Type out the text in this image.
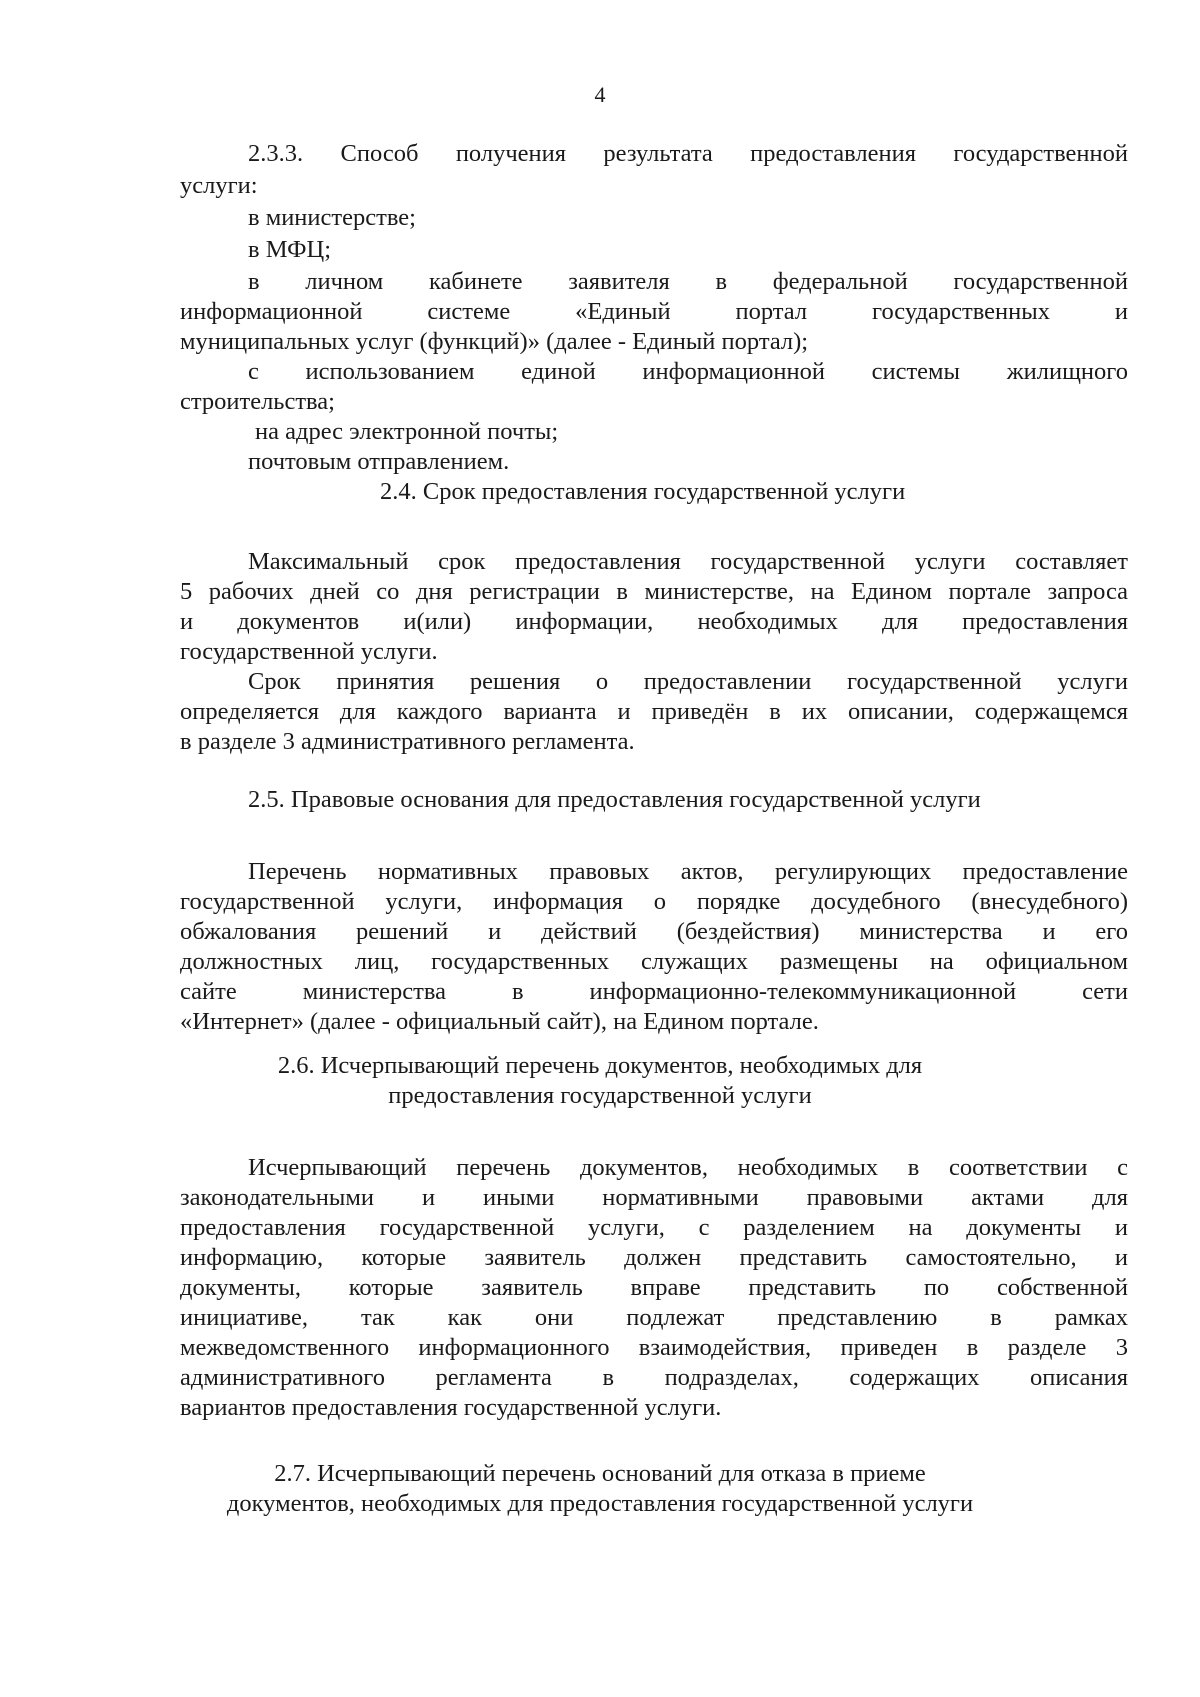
4
2.3.3. Способ получения результата предоставления государственной
услуги:
в министерстве;
в МФЦ;
в личном кабинете заявителя в федеральной государственной
информационной системе «Единый портал государственных и
муниципальных услуг (функций)» (далее - Единый портал);
с использованием единой информационной системы жилищного
строительства;
на адрес электронной почты;
почтовым отправлением.
2.4. Срок предоставления государственной услуги
Максимальный срок предоставления государственной услуги составляет
5 рабочих дней со дня регистрации в министерстве, на Едином портале запроса
и документов и(или) информации, необходимых для предоставления
государственной услуги.
Срок принятия решения о предоставлении государственной услуги
определяется для каждого варианта и приведён в их описании, содержащемся
в разделе 3 административного регламента.
2.5. Правовые основания для предоставления государственной услуги
Перечень нормативных правовых актов, регулирующих предоставление
государственной услуги, информация о порядке досудебного (внесудебного)
обжалования решений и действий (бездействия) министерства и его
должностных лиц, государственных служащих размещены на официальном
сайте министерства в информационно-телекоммуникационной сети
«Интернет» (далее - официальный сайт), на Едином портале.
2.6. Исчерпывающий перечень документов, необходимых для
предоставления государственной услуги
Исчерпывающий перечень документов, необходимых в соответствии с
законодательными и иными нормативными правовыми актами для
предоставления государственной услуги, с разделением на документы и
информацию, которые заявитель должен представить самостоятельно, и
документы, которые заявитель вправе представить по собственной
инициативе, так как они подлежат представлению в рамках
межведомственного информационного взаимодействия, приведен в разделе 3
административного регламента в подразделах, содержащих описания
вариантов предоставления государственной услуги.
2.7. Исчерпывающий перечень оснований для отказа в приеме
документов, необходимых для предоставления государственной услуги
